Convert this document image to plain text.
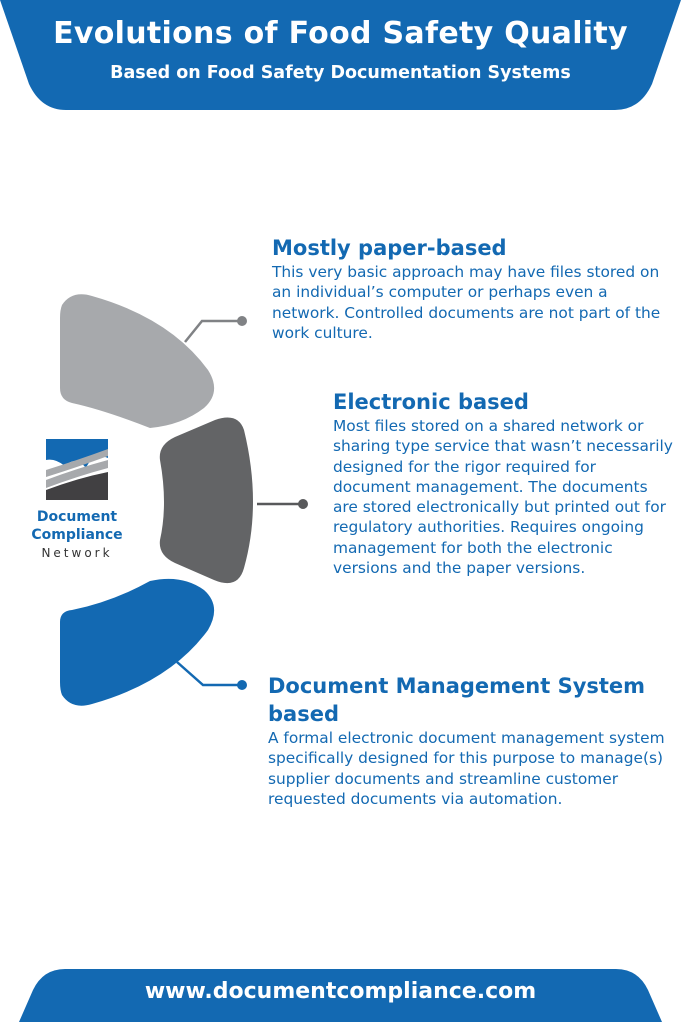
Evolutions of Food Safety Quality
Based on Food Safety Documentation Systems
Mostly paper-based
This very basic approach may have files stored on an individual’s computer or perhaps even a network. Controlled documents are not part of the work culture.
Electronic based
Most files stored on a shared network or sharing type service that wasn’t necessarily designed for the rigor required for document management. The documents are stored electronically but printed out for regulatory authorities. Requires ongoing management for both the electronic versions and the paper versions.
Document Management System based
A formal electronic document management system specifically designed for this purpose to manage(s) supplier documents and streamline customer requested documents via automation.
Document
Compliance
Network
www.documentcompliance.com
